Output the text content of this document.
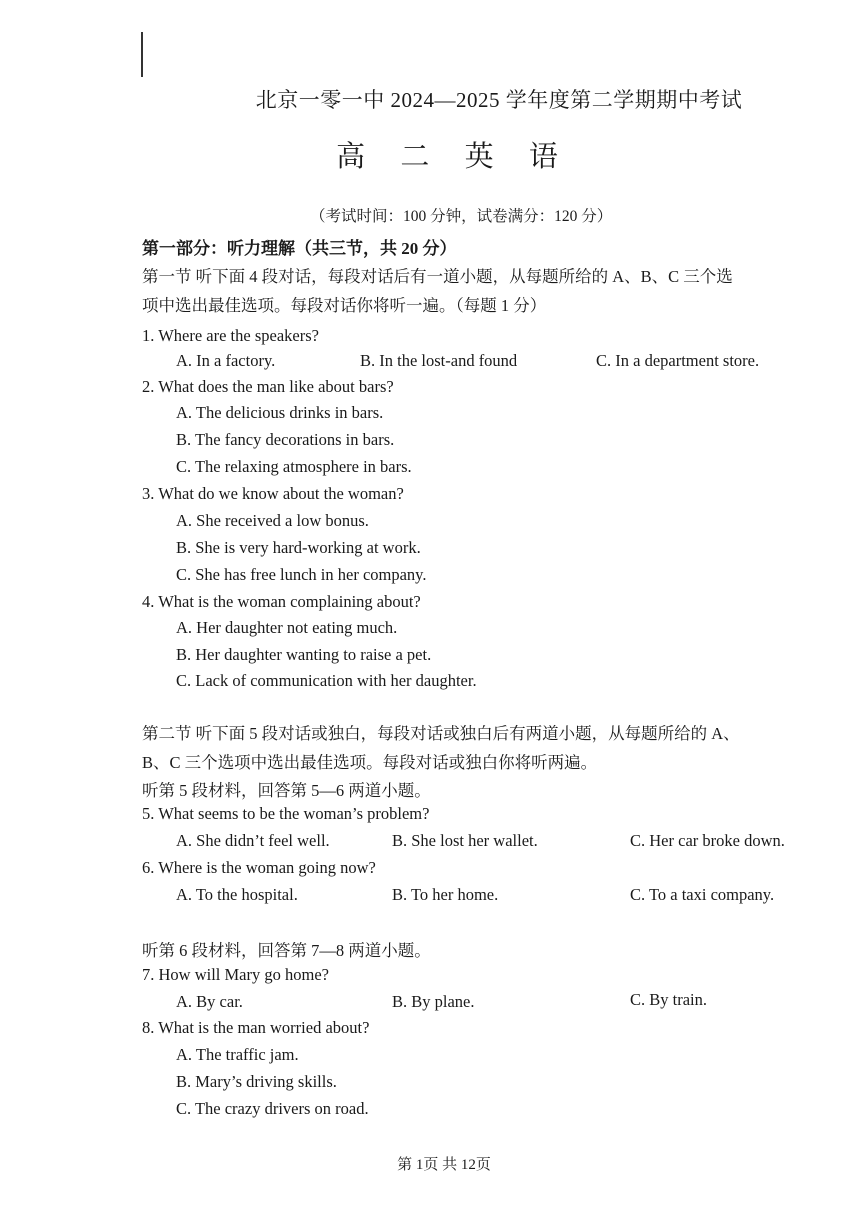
北京一零一中 2024—2025 学年度第二学期期中考试
高 二 英 语
（考试时间：100 分钟，试卷满分：120 分）
第一部分：听力理解（共三节，共 20 分）
第一节 听下面 4 段对话，每段对话后有一道小题，从每题所给的 A、B、C 三个选
项中选出最佳选项。每段对话你将听一遍。（每题 1 分）
1. Where are the speakers?
A. In a factory.	B. In the lost-and found	C. In a department store.
2. What does the man like about bars?
A. The delicious drinks in bars.
B. The fancy decorations in bars.
C. The relaxing atmosphere in bars.
3. What do we know about the woman?
A. She received a low bonus.
B. She is very hard-working at work.
C. She has free lunch in her company.
4. What is the woman complaining about?
A. Her daughter not eating much.
B. Her daughter wanting to raise a pet.
C. Lack of communication with her daughter.
第二节 听下面 5 段对话或独白，每段对话或独白后有两道小题，从每题所给的 A、
B、C 三个选项中选出最佳选项。每段对话或独白你将听两遍。
听第 5 段材料，回答第 5—6 两道小题。
5. What seems to be the woman’s problem?
A. She didn’t feel well.	B. She lost her wallet.	C. Her car broke down.
6. Where is the woman going now?
A. To the hospital.	B. To her home.	C. To a taxi company.
听第 6 段材料，回答第 7—8 两道小题。
7. How will Mary go home?
A. By car.	B. By plane.	C. By train.
8. What is the man worried about?
A. The traffic jam.
B. Mary’s driving skills.
C. The crazy drivers on road.
第 1页 共 12页
